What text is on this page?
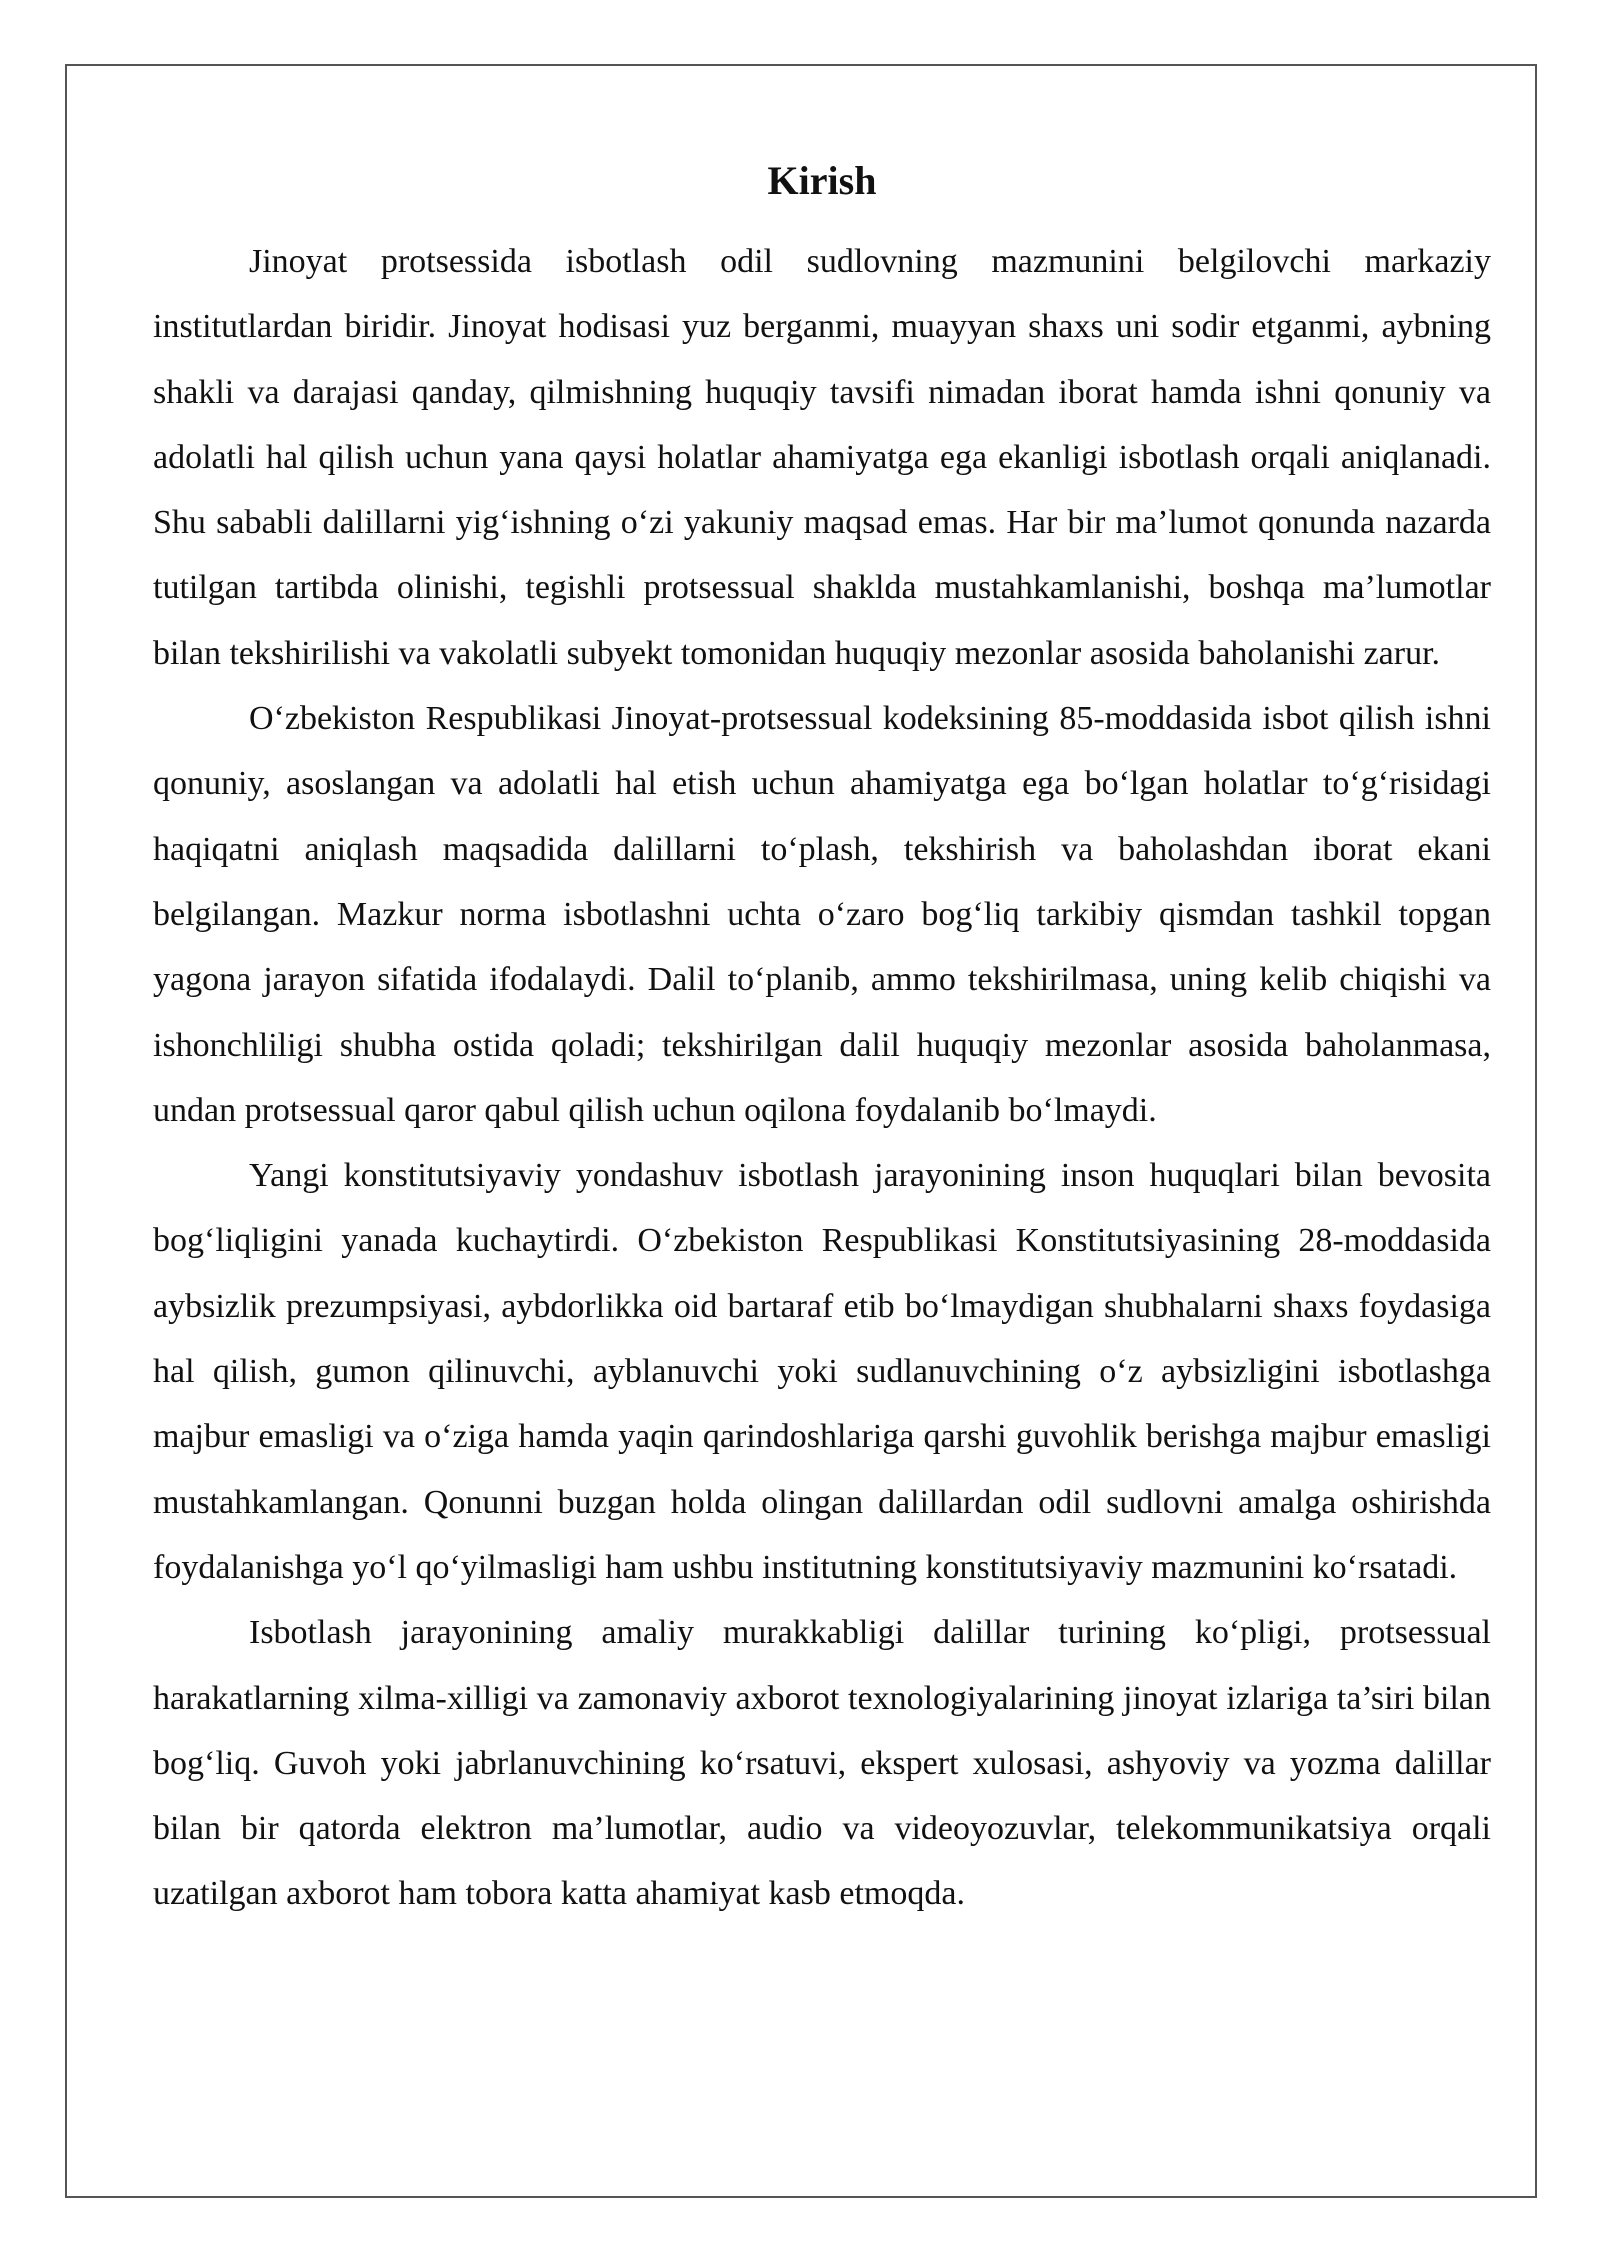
Kirish

Jinoyat protsessida isbotlash odil sudlovning mazmunini belgilovchi markaziy institutlardan biridir. Jinoyat hodisasi yuz berganmi, muayyan shaxs uni sodir etganmi, aybning shakli va darajasi qanday, qilmishning huquqiy tavsifi nimadan iborat hamda ishni qonuniy va adolatli hal qilish uchun yana qaysi holatlar ahamiyatga ega ekanligi isbotlash orqali aniqlanadi. Shu sababli dalillarni yig‘ishning o‘zi yakuniy maqsad emas. Har bir ma’lumot qonunda nazarda tutilgan tartibda olinishi, tegishli protsessual shaklda mustahkamlanishi, boshqa ma’lumotlar bilan tekshirilishi va vakolatli subyekt tomonidan huquqiy mezonlar asosida baholanishi zarur.

O‘zbekiston Respublikasi Jinoyat-protsessual kodeksining 85-moddasida isbot qilish ishni qonuniy, asoslangan va adolatli hal etish uchun ahamiyatga ega bo‘lgan holatlar to‘g‘risidagi haqiqatni aniqlash maqsadida dalillarni to‘plash, tekshirish va baholashdan iborat ekani belgilangan. Mazkur norma isbotlashni uchta o‘zaro bog‘liq tarkibiy qismdan tashkil topgan yagona jarayon sifatida ifodalaydi. Dalil to‘planib, ammo tekshirilmasa, uning kelib chiqishi va ishonchliligi shubha ostida qoladi; tekshirilgan dalil huquqiy mezonlar asosida baholanmasa, undan protsessual qaror qabul qilish uchun oqilona foydalanib bo‘lmaydi.

Yangi konstitutsiyaviy yondashuv isbotlash jarayonining inson huquqlari bilan bevosita bog‘liqligini yanada kuchaytirdi. O‘zbekiston Respublikasi Konstitutsiyasining 28-moddasida aybsizlik prezumpsiyasi, aybdorlikka oid bartaraf etib bo‘lmaydigan shubhalarni shaxs foydasiga hal qilish, gumon qilinuvchi, ayblanuvchi yoki sudlanuvchining o‘z aybsizligini isbotlashga majbur emasligi va o‘ziga hamda yaqin qarindoshlariga qarshi guvohlik berishga majbur emasligi mustahkamlangan. Qonunni buzgan holda olingan dalillardan odil sudlovni amalga oshirishda foydalanishga yo‘l qo‘yilmasligi ham ushbu institutning konstitutsiyaviy mazmunini ko‘rsatadi.

Isbotlash jarayonining amaliy murakkabligi dalillar turining ko‘pligi, protsessual harakatlarning xilma-xilligi va zamonaviy axborot texnologiyalarining jinoyat izlariga ta’siri bilan bog‘liq. Guvoh yoki jabrlanuvchining ko‘rsatuvi, ekspert xulosasi, ashyoviy va yozma dalillar bilan bir qatorda elektron ma’lumotlar, audio va videoyozuvlar, telekommunikatsiya orqali uzatilgan axborot ham tobora katta ahamiyat kasb etmoqda.
